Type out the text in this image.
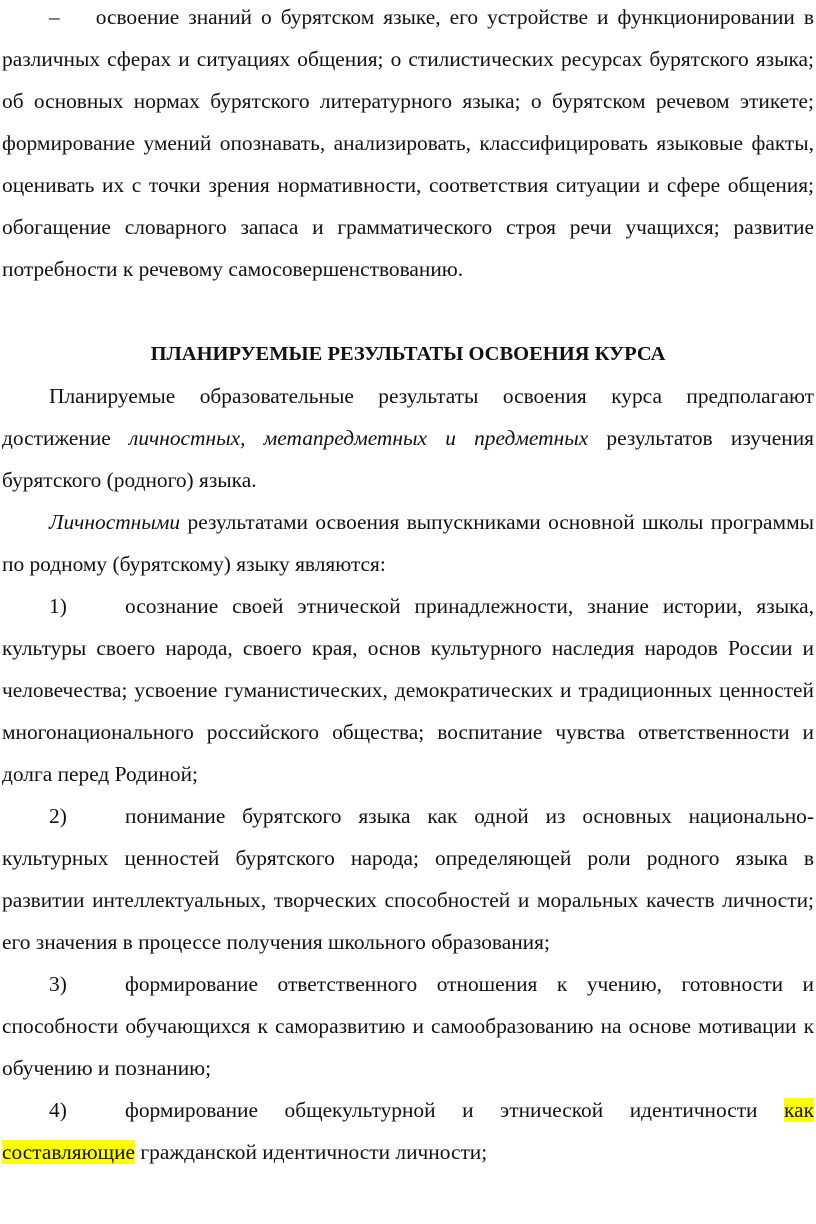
– освоение знаний о бурятском языке, его устройстве и функционировании в различных сферах и ситуациях общения; о стилистических ресурсах бурятского языка; об основных нормах бурятского литературного языка; о бурятском речевом этикете; формирование умений опознавать, анализировать, классифицировать языковые факты, оценивать их с точки зрения нормативности, соответствия ситуации и сфере общения; обогащение словарного запаса и грамматического строя речи учащихся; развитие потребности к речевому самосовершенствованию.

ПЛАНИРУЕМЫЕ РЕЗУЛЬТАТЫ ОСВОЕНИЯ КУРСА

Планируемые образовательные результаты освоения курса предполагают достижение личностных, метапредметных и предметных результатов изучения бурятского (родного) языка.

Личностными результатами освоения выпускниками основной школы программы по родному (бурятскому) языку являются:

1)	осознание своей этнической принадлежности, знание истории, языка, культуры своего народа, своего края, основ культурного наследия народов России и человечества; усвоение гуманистических, демократических и традиционных ценностей многонационального российского общества; воспитание чувства ответственности и долга перед Родиной;

2)	понимание бурятского языка как одной из основных национально-культурных ценностей бурятского народа; определяющей роли родного языка в развитии интеллектуальных, творческих способностей и моральных качеств личности; его значения в процессе получения школьного образования;

3)	формирование ответственного отношения к учению, готовности и способности обучающихся к саморазвитию и самообразованию на основе мотивации к обучению и познанию;

4)	формирование общекультурной и этнической идентичности как составляющие гражданской идентичности личности;
